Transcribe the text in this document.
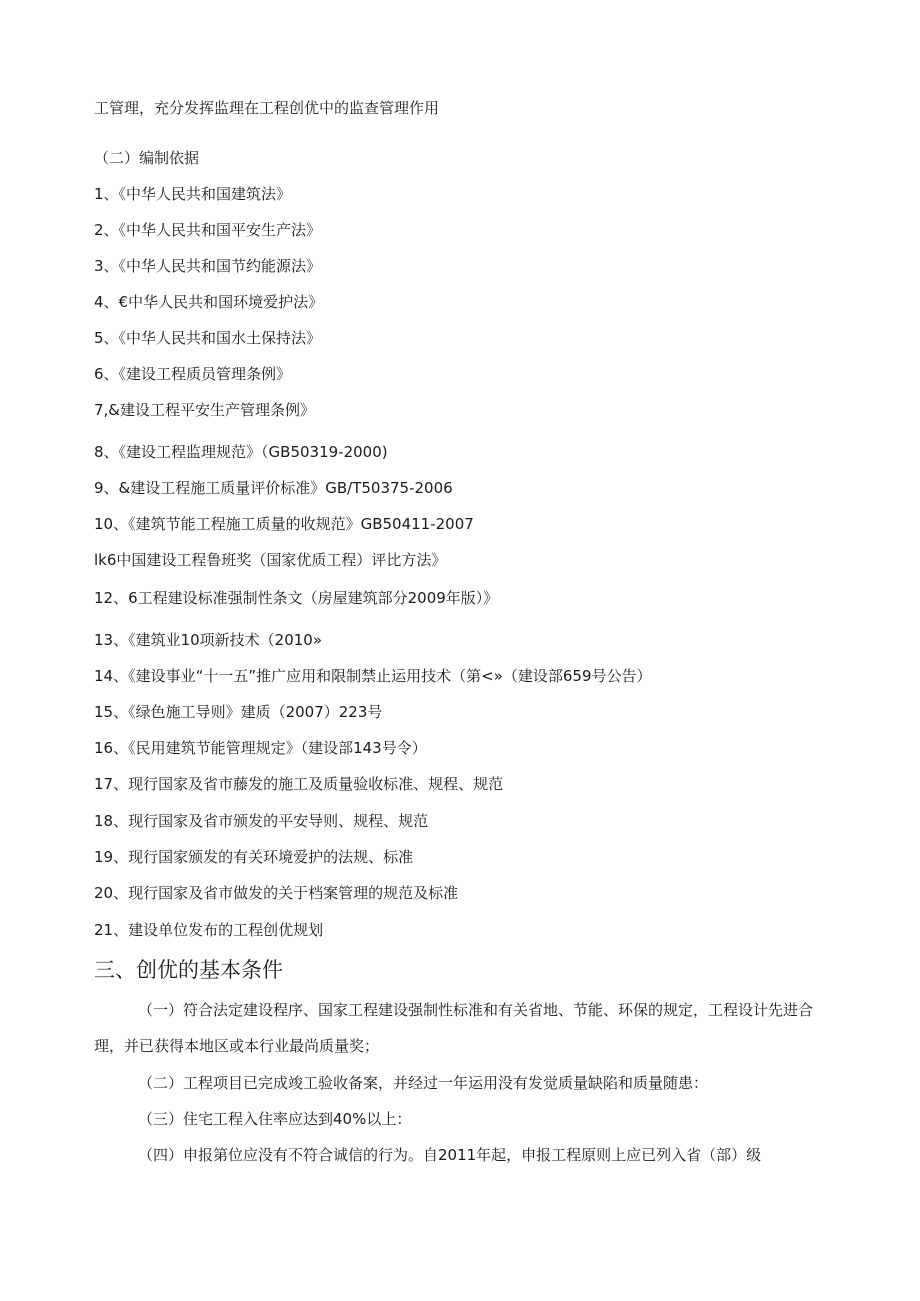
工管理，充分发挥监理在工程创优中的监查管理作用
（二）编制依据
1、《中华人民共和国建筑法》
2、《中华人民共和国平安生产法》
3、《中华人民共和国节约能源法》
4、€中华人民共和国环境爱护法》
5、《中华人民共和国水土保持法》
6、《建设工程质员管理条例》
7,&建设工程平安生产管理条例》
8、《建设工程监理规范》（GB50319-2000)
9、&建设工程施工质量评价标准》GB/T50375-2006
10、《建筑节能工程施工质量的收规范》GB50411-2007
lk6中国建设工程鲁班奖（国家优质工程）评比方法》
12、6工程建设标准强制性条文（房屋建筑部分2009年版）》
13、《建筑业10项新技术（2010»
14、《建设事业“十一五”推广应用和限制禁止运用技术（第<»（建设部659号公告）
15、《绿色施工导则》建质（2007）223号
16、《民用建筑节能管理规定》（建设部143号令）
17、现行国家及省市藤发的施工及质量验收标准、规程、规范
18、现行国家及省市颁发的平安导则、规程、规范
19、现行国家颁发的有关环境爱护的法规、标准
20、现行国家及省市做发的关于档案管理的规范及标准
21、建设单位发布的工程创优规划
三、创优的基本条件
（一）符合法定建设程序、国家工程建设强制性标准和有关省地、节能、环保的规定，工程设计先进合理，并已获得本地区或本行业最尚质量奖；
（二）工程项目已完成竣工验收备案，并经过一年运用没有发觉质量缺陷和质量随患：
（三）住宅工程入住率应达到40%以上：
（四）申报第位应没有不符合诚信的行为。自2011年起，申报工程原则上应已列入省（部）级
